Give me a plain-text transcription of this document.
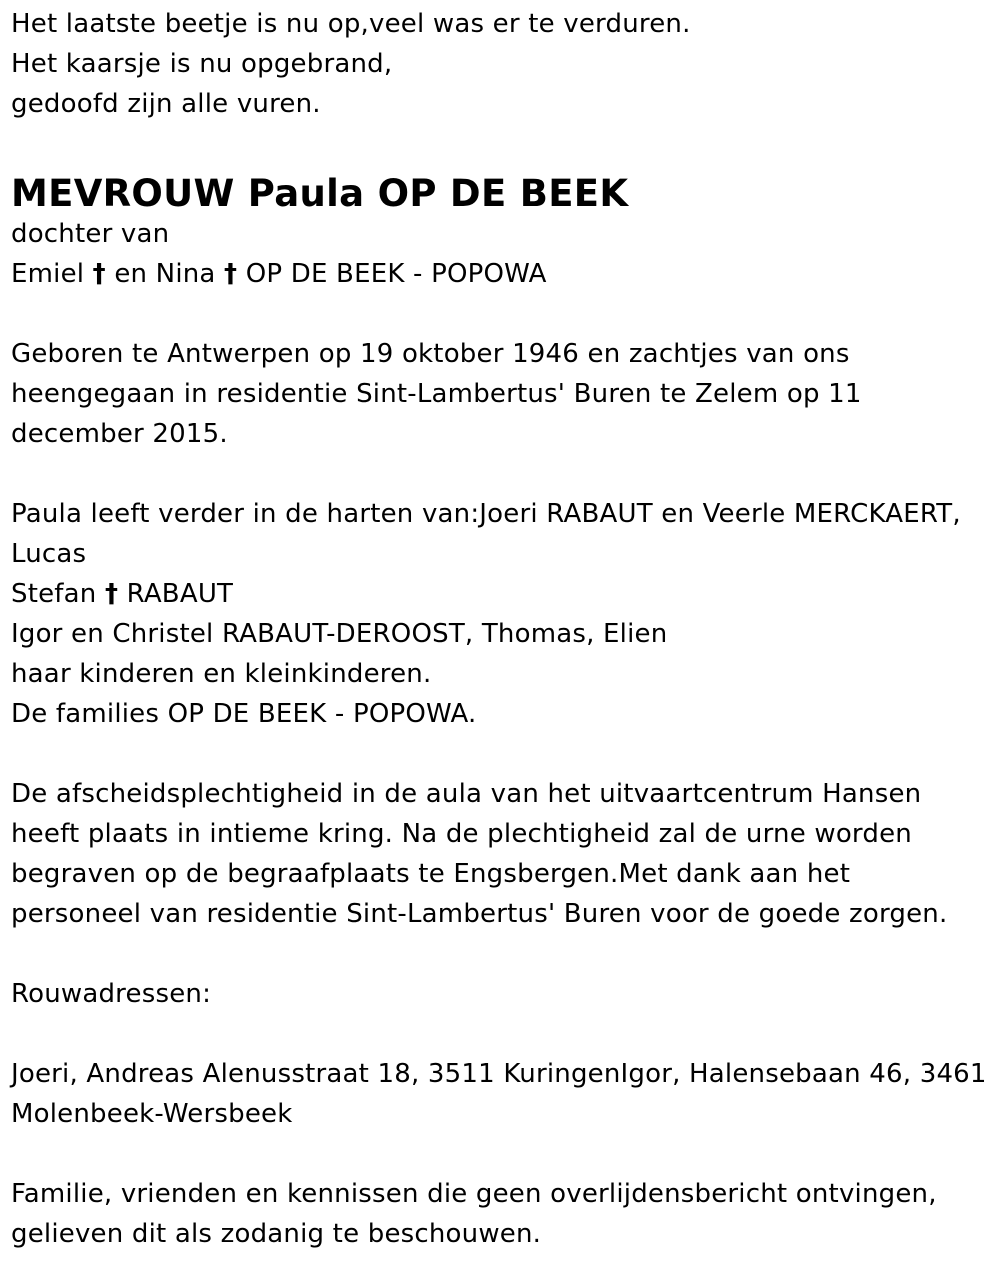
Het laatste beetje is nu op,veel was er te verduren.
Het kaarsje is nu opgebrand,
gedoofd zijn alle vuren.
MEVROUW Paula OP DE BEEK
dochter van
Emiel † en Nina † OP DE BEEK - POPOWA
Geboren te Antwerpen op 19 oktober 1946 en zachtjes van ons
heengegaan in residentie Sint-Lambertus' Buren te Zelem op 11
december 2015.
Paula leeft verder in de harten van:Joeri RABAUT en Veerle MERCKAERT,
Lucas
Stefan † RABAUT
Igor en Christel RABAUT-DEROOST, Thomas, Elien
haar kinderen en kleinkinderen.
De families OP DE BEEK - POPOWA.
De afscheidsplechtigheid in de aula van het uitvaartcentrum Hansen
heeft plaats in intieme kring. Na de plechtigheid zal de urne worden
begraven op de begraafplaats te Engsbergen.Met dank aan het
personeel van residentie Sint-Lambertus' Buren voor de goede zorgen.
Rouwadressen:
Joeri, Andreas Alenusstraat 18, 3511 KuringenIgor, Halensebaan 46, 3461
Molenbeek-Wersbeek
Familie, vrienden en kennissen die geen overlijdensbericht ontvingen,
gelieven dit als zodanig te beschouwen.
